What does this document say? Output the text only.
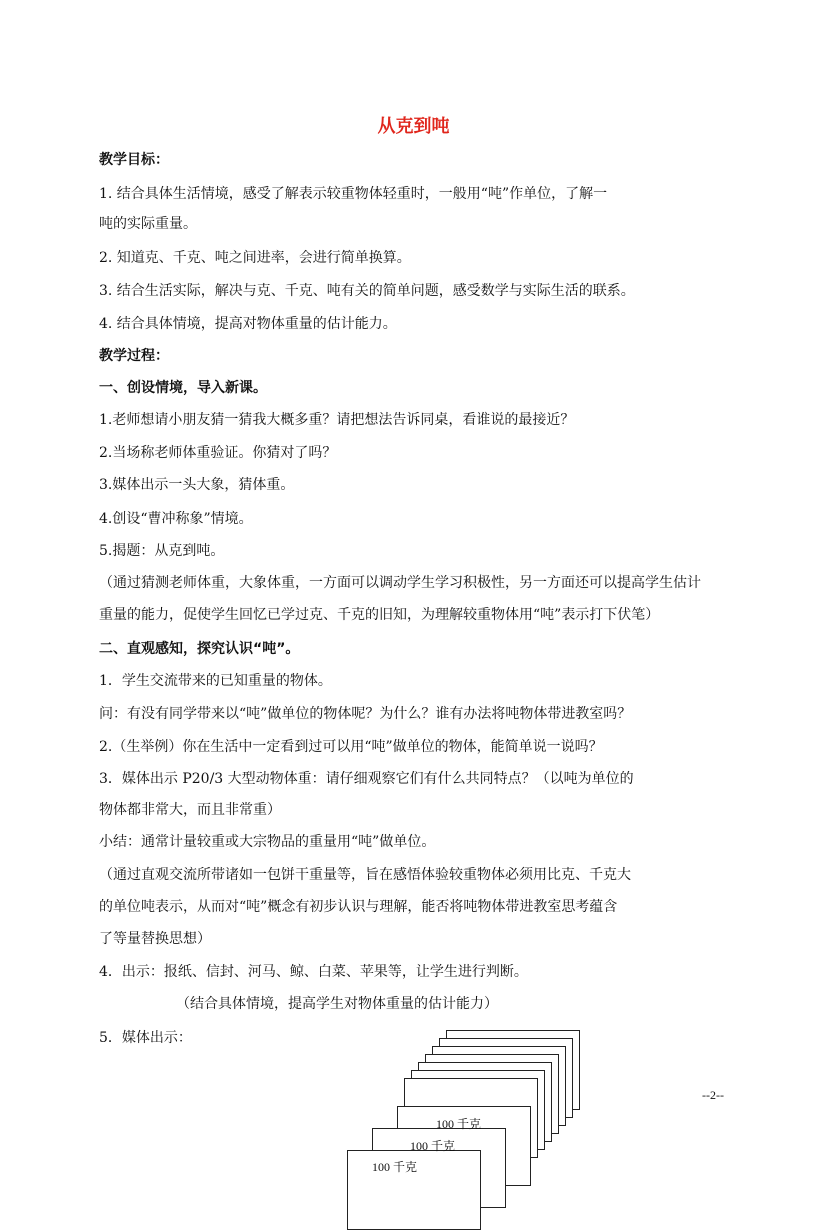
从克到吨
教学目标：
1. 结合具体生活情境，感受了解表示较重物体轻重时，一般用“吨”作单位，了解一
吨的实际重量。
2. 知道克、千克、吨之间进率，会进行简单换算。
3. 结合生活实际，解决与克、千克、吨有关的简单问题，感受数学与实际生活的联系。
4. 结合具体情境，提高对物体重量的估计能力。
教学过程：
一、创设情境，导入新课。
1.老师想请小朋友猜一猜我大概多重？请把想法告诉同桌，看谁说的最接近？
2.当场称老师体重验证。你猜对了吗？
3.媒体出示一头大象，猜体重。
4.创设“曹冲称象”情境。
5.揭题：从克到吨。
（通过猜测老师体重，大象体重，一方面可以调动学生学习积极性，另一方面还可以提高学生估计
重量的能力，促使学生回忆已学过克、千克的旧知，为理解较重物体用“吨”表示打下伏笔）
二、直观感知，探究认识“吨”。
1．学生交流带来的已知重量的物体。
问：有没有同学带来以“吨”做单位的物体呢？为什么？谁有办法将吨物体带进教室吗？
2.（生举例）你在生活中一定看到过可以用“吨”做单位的物体，能简单说一说吗？
3．媒体出示 P20/3 大型动物体重：请仔细观察它们有什么共同特点？（以吨为单位的
物体都非常大，而且非常重）
小结：通常计量较重或大宗物品的重量用“吨”做单位。
（通过直观交流所带诸如一包饼干重量等，旨在感悟体验较重物体必须用比克、千克大
的单位吨表示，从而对“吨”概念有初步认识与理解，能否将吨物体带进教室思考蕴含
了等量替换思想）
4．出示：报纸、信封、河马、鲸、白菜、苹果等，让学生进行判断。
（结合具体情境，提高学生对物体重量的估计能力）
5．媒体出示：
100 千克
100 千克
100 千克
--2--
